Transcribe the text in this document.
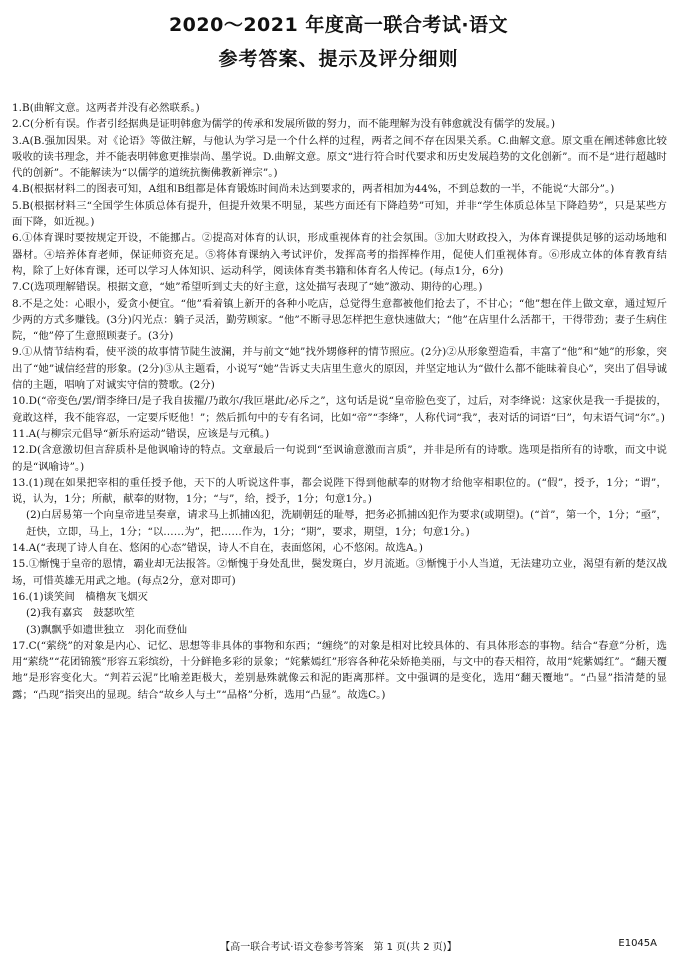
2020～2021 年度高一联合考试·语文
参考答案、提示及评分细则

1.B(曲解文意。这两者并没有必然联系。)

2.C(分析有误。作者引经据典是证明韩愈为儒学的传承和发展所做的努力，而不能理解为没有韩愈就没有儒学的发展。)

3.A(B.强加因果。对《论语》等做注解，与他认为学习是一个什么样的过程，两者之间不存在因果关系。C.曲解文意。原文重在阐述韩愈比较吸收的读书理念，并不能表明韩愈更推崇尚、墨学说。D.曲解文意。原文“进行符合时代要求和历史发展趋势的文化创新”。而不是“进行超越时代的创新”。不能解读为“以儒学的道统抗衡佛教新禅宗”。)

4.B(根据材料二的图表可知，A组和B组都是体育锻炼时间尚未达到要求的，两者相加为44%，不到总数的一半，不能说“大部分”。)

5.B(根据材料三“全国学生体质总体有提升，但提升效果不明显，某些方面还有下降趋势”可知，并非“学生体质总体呈下降趋势”，只是某些方面下降，如近视。)

6.①体育课时要按规定开设，不能挪占。②提高对体育的认识，形成重视体育的社会氛围。③加大财政投入，为体育课提供足够的运动场地和器材。④培养体育老师，保证师资充足。⑤将体育课纳入考试评价，发挥高考的指挥棒作用，促使人们重视体育。⑥形成立体的体育教育结构，除了上好体育课，还可以学习人体知识、运动科学，阅读体育类书籍和体育名人传记。(每点1分，6分)

7.C(选项理解错误。根据文意，“她”希望听到丈夫的好主意，这处描写表现了“她”激动、期待的心理。)

8.不是之处：心眼小，爱贪小便宜。“他”看着镇上新开的各种小吃店，总觉得生意都被他们抢去了，不甘心；“他”想在伴上做文章，通过短斤少两的方式多赚钱。(3分)闪光点：躺子灵活，勤劳顾家。“他”不断寻思怎样把生意快速做大；“他”在店里什么活都干，干得带劲；妻子生病住院，“他”停了生意照顾妻子。(3分)

9.①从情节结构看，使平淡的故事情节陡生波澜，并与前文“她”找外甥修秤的情节照应。(2分)②从形象塑造看，丰富了“他”和“她”的形象，突出了“她”诚信经营的形象。(2分)③从主题看，小说写“她”告诉丈夫店里生意火的原因，并坚定地认为“做什么都不能昧着良心”，突出了倡导诚信的主题，唱响了对诚实守信的赞歌。(2分)

10.D(“帝变色/罢/谓李绛曰/是子我自拔擢/乃敢尔/我叵堪此/必斥之”，这句话是说“皇帝脸色变了，过后，对李绛说：这家伙是我一手提拔的，竟敢这样，我不能容忍，一定要斥贬他！”；然后抓句中的专有名词，比如“帝”“李绛”，人称代词“我”，表对话的词语“曰”，句末语气词“尔”。)

11.A(与柳宗元倡导“新乐府运动”错误，应该是与元稹。)

12.D(含意激切但言辞质朴是他讽喻诗的特点。文章最后一句说到“至讽谕意激而言质”，并非是所有的诗歌。选项是指所有的诗歌，而文中说的是“讽喻诗”。)

13.(1)现在如果把宰相的重任授予他，天下的人听说这件事，都会说陛下得到他献奉的财物才给他宰相职位的。(“假”，授予，1分；“谓”，说，认为，1分；所献，献奉的财物，1分；“与”，给，授予，1分；句意1分。)

(2)白居易第一个向皇帝进呈奏章，请求马上抓捕凶犯，洗刷朝廷的耻辱，把务必抓捕凶犯作为要求(或期望)。(“首”，第一个，1分；“亟”，赶快，立即，马上，1分；“以……为”，把……作为，1分；“期”，要求，期望，1分；句意1分。)

14.A(“表现了诗人自在、悠闲的心态”错误，诗人不自在，表面悠闲，心不悠闲。故选A。)

15.①惭愧于皇帝的恩情，霸业却无法报答。②惭愧于身处乱世，鬓发斑白，岁月流逝。③惭愧于小人当道，无法建功立业，渴望有新的楚汉战场，可惜英雄无用武之地。(每点2分，意对即可)

16.(1)谈笑间　樯橹灰飞烟灭

(2)我有嘉宾　鼓瑟吹笙

(3)飘飘乎如遗世独立　羽化而登仙

17.C(“萦绕”的对象是内心、记忆、思想等非具体的事物和东西；“缠绕”的对象是相对比较具体的、有具体形态的事物。结合“春意”分析，选用“萦绕”“花团锦簇”形容五彩缤纷，十分鲜艳多彩的景象；“姹紫嫣红”形容各种花朵娇艳美丽，与文中的春天相符，故用“姹紫嫣红”。“翻天覆地”是形容变化大。“判若云泥”比喻差距极大，差别悬殊就像云和泥的距离那样。文中强调的是变化，选用“翻天覆地”。“凸显”指清楚的显露；“凸现”指突出的显现。结合“故乡人与土”“品格”分析，选用“凸显”。故选C。)

【高一联合考试·语文卷参考答案　第 1 页(共 2 页)】	E1045A
